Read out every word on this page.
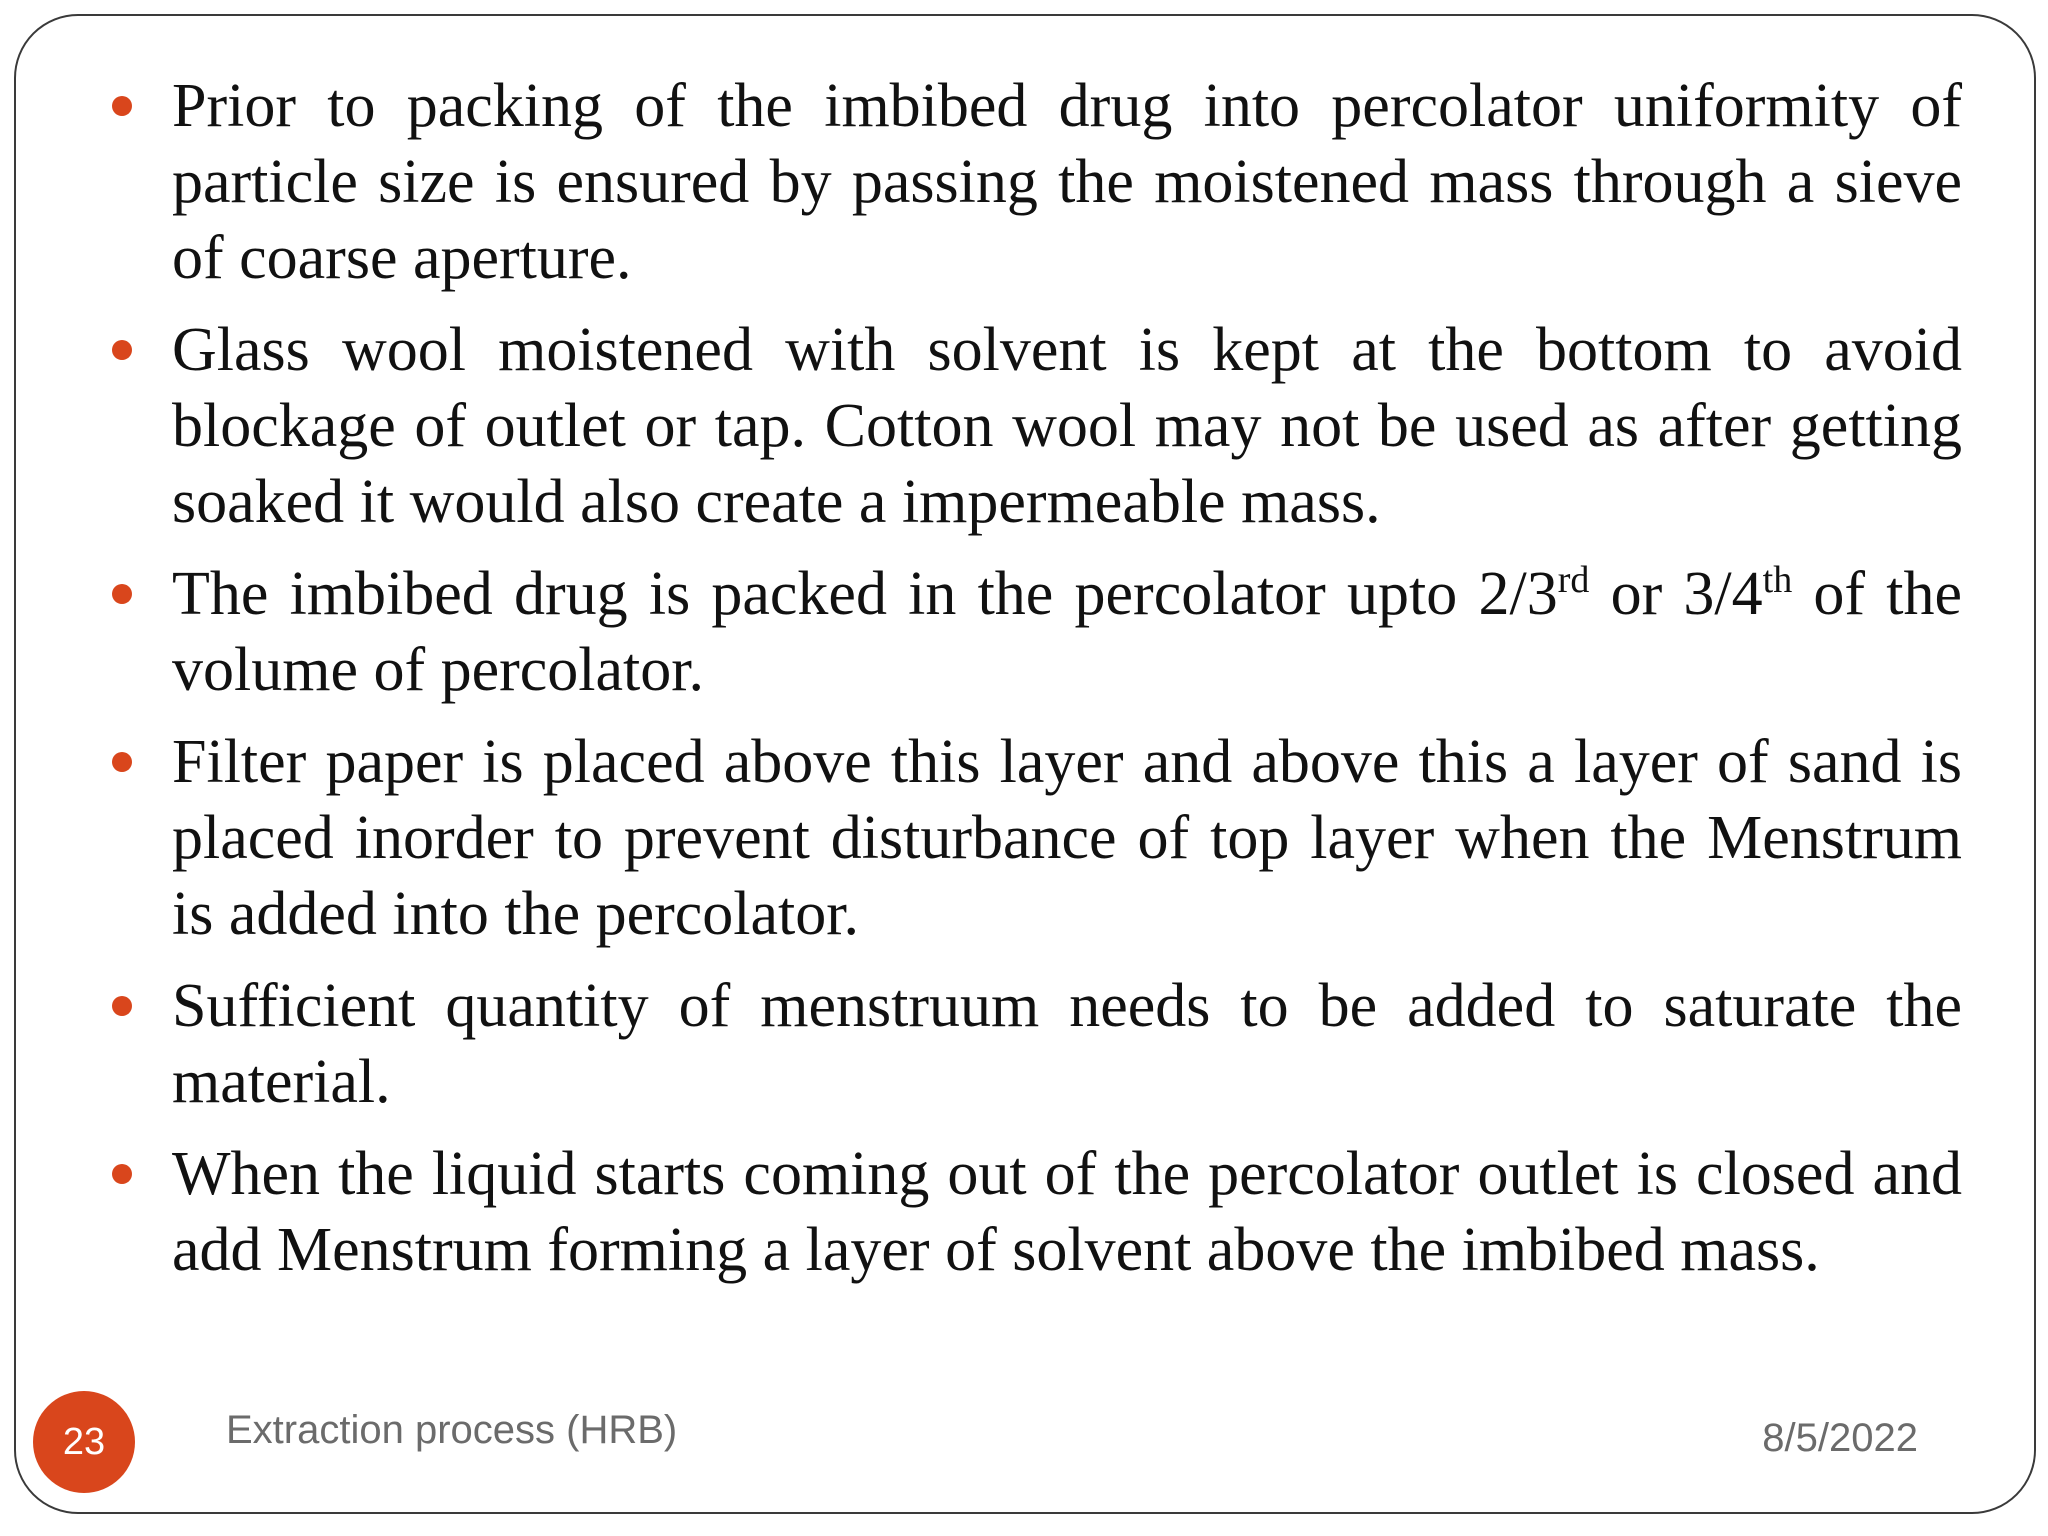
Prior to packing of the imbibed drug into percolator uniformity of particle size is ensured by passing the moistened mass through a sieve of coarse aperture.
Glass wool moistened with solvent is kept at the bottom to avoid blockage of outlet or tap. Cotton wool may not be used as after getting soaked it would also create a impermeable mass.
The imbibed drug is packed in the percolator upto 2/3rd or 3/4th of the volume of percolator.
Filter paper is placed above this layer and above this a layer of sand is placed inorder to prevent disturbance of top layer when the Menstrum is added into the percolator.
Sufficient quantity of menstruum needs to be added to saturate the material.
When the liquid starts coming out of the percolator outlet is closed and add Menstrum forming a layer of solvent above the imbibed mass.
23	Extraction process (HRB)	8/5/2022
